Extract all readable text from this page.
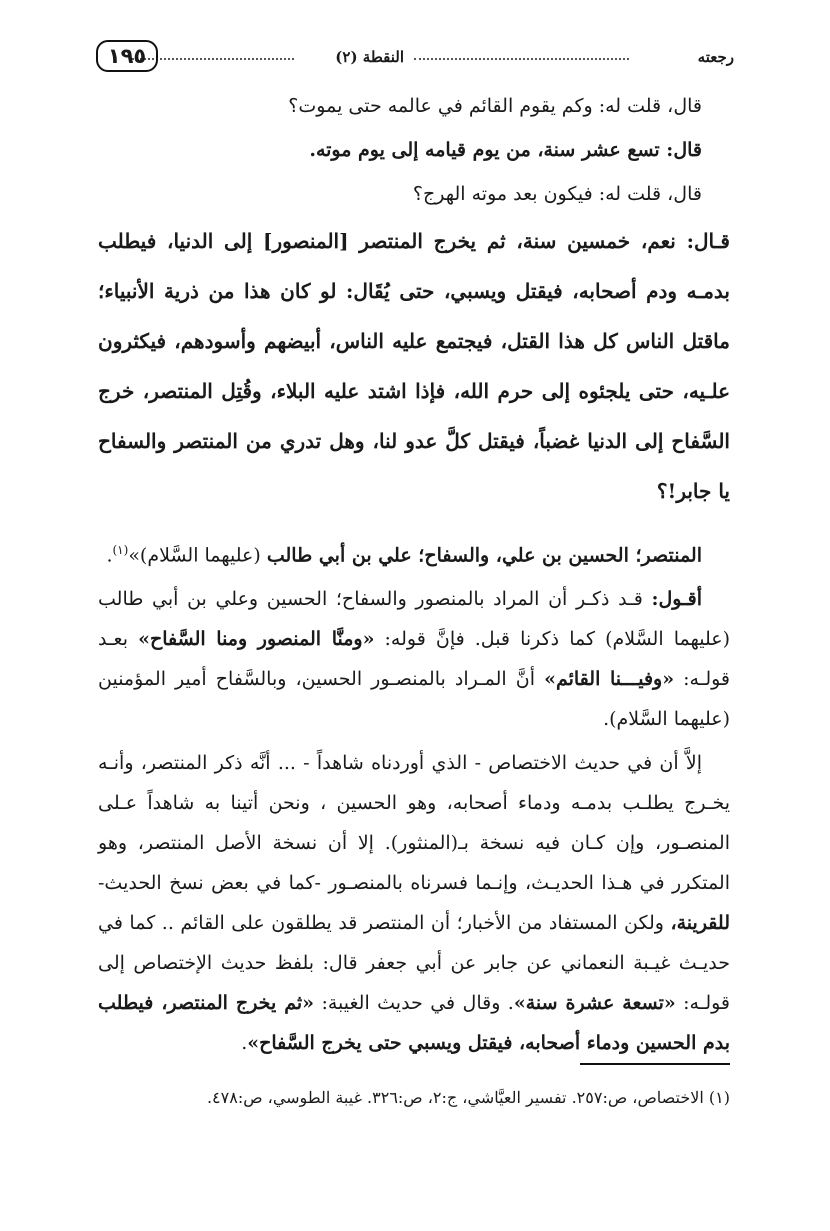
رجعته
النقطة (٢)
١٩٥

قال، قلت له: وكم يقوم القائم في عالمه حتى يموت؟

قال: تسع عشر سنة، من يوم قيامه إلى يوم موته.

قال، قلت له: فيكون بعد موته الهرج؟

قـال: نعم، خمسين سنة، ثم يخرج المنتصر [المنصور] إلى الدنيا، فيطلب بدمـه ودم أصحابه، فيقتل ويسبي، حتى يُقَال: لو كان هذا من ذرية الأنبياء؛ ماقتل الناس كل هذا القتل، فيجتمع عليه الناس، أبيضهم وأسودهم، فيكثرون علـيه، حتى يلجئوه إلى حرم الله، فإذا اشتد عليه البلاء، وقُتِل المنتصر، خرج السَّفاح إلى الدنيا غضباً، فيقتل كلَّ عدو لنا، وهل تدري من المنتصر والسفاح يا جابر!؟

المنتصر؛ الحسين بن علي، والسفاح؛ علي بن أبي طالب (عليهما السَّلام)»$^{(١)}$.

أقـول: قـد ذكـر أن المراد بالمنصور والسفاح؛ الحسين وعلي بن أبي طالب (عليهما السَّلام) كما ذكرنا قبل. فإنَّ قوله: «ومنَّا المنصور ومنا السَّفاح» بعـد قولـه: «وفيـــنا القائم» أنَّ المـراد بالمنصـور الحسين، وبالسَّفاح أمير المؤمنين (عليهما السَّلام).

إلاَّ أن في حديث الاختصاص - الذي أوردناه شاهداً - ... أنَّه ذكر المنتصر، وأنـه يخـرج يطلـب بدمـه ودماء أصحابه، وهو الحسين ، ونحن أتينا به شاهداً عـلى المنصـور، وإن كـان فيه نسخة بـ(المنثور). إلا أن نسخة الأصل المنتصر، وهو المتكرر في هـذا الحديـث، وإنـما فسرناه بالمنصـور -كما في بعض نسخ الحديث- للقرينة، ولكن المستفاد من الأخبار؛ أن المنتصر قد يطلقون على القائم .. كما في حديـث غيـبة النعماني عن جابر عن أبي جعفر قال: بلفظ حديث الإختصاص إلى قولـه: «تسعة عشرة سنة». وقال في حديث الغيبة: «ثم يخرج المنتصر، فيطلب بدم الحسين ودماء أصحابه، فيقتل ويسبي حتى يخرج السَّفاح».

(١) الاختصاص، ص:٢٥٧. تفسير العيَّاشي، ج:٢، ص:٣٢٦. غيبة الطوسي، ص:٤٧٨.
